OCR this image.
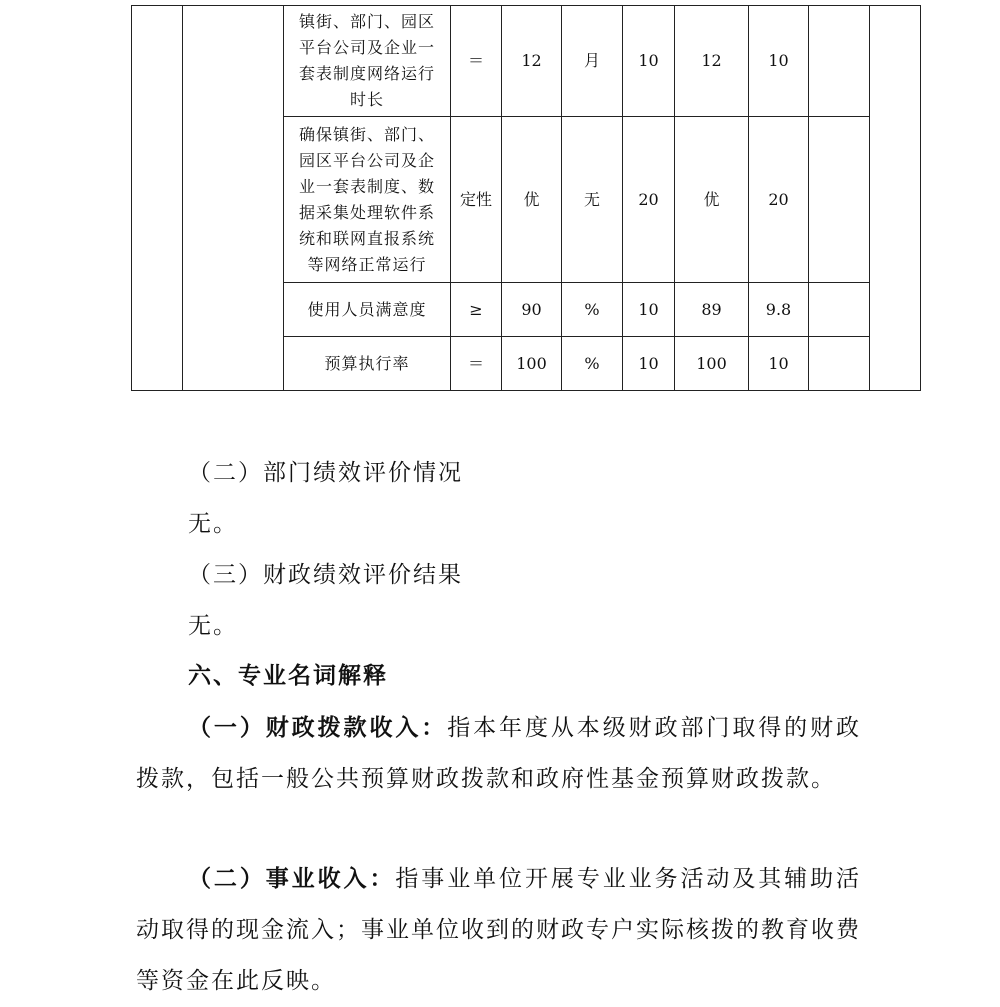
		镇街、部门、园区平台公司及企业一套表制度网络运行时长	＝	12	月	10	12	10		
		确保镇街、部门、园区平台公司及企业一套表制度、数据采集处理软件系统和联网直报系统等网络正常运行	定性	优	无	20	优	20		
		使用人员满意度	≥	90	%	10	89	9.8		
		预算执行率	＝	100	%	10	100	10		
（二）部门绩效评价情况
无。
（三）财政绩效评价结果
无。
六、专业名词解释
（一）财政拨款收入：指本年度从本级财政部门取得的财政拨款，包括一般公共预算财政拨款和政府性基金预算财政拨款。
（二）事业收入：指事业单位开展专业业务活动及其辅助活动取得的现金流入；事业单位收到的财政专户实际核拨的教育收费等资金在此反映。
